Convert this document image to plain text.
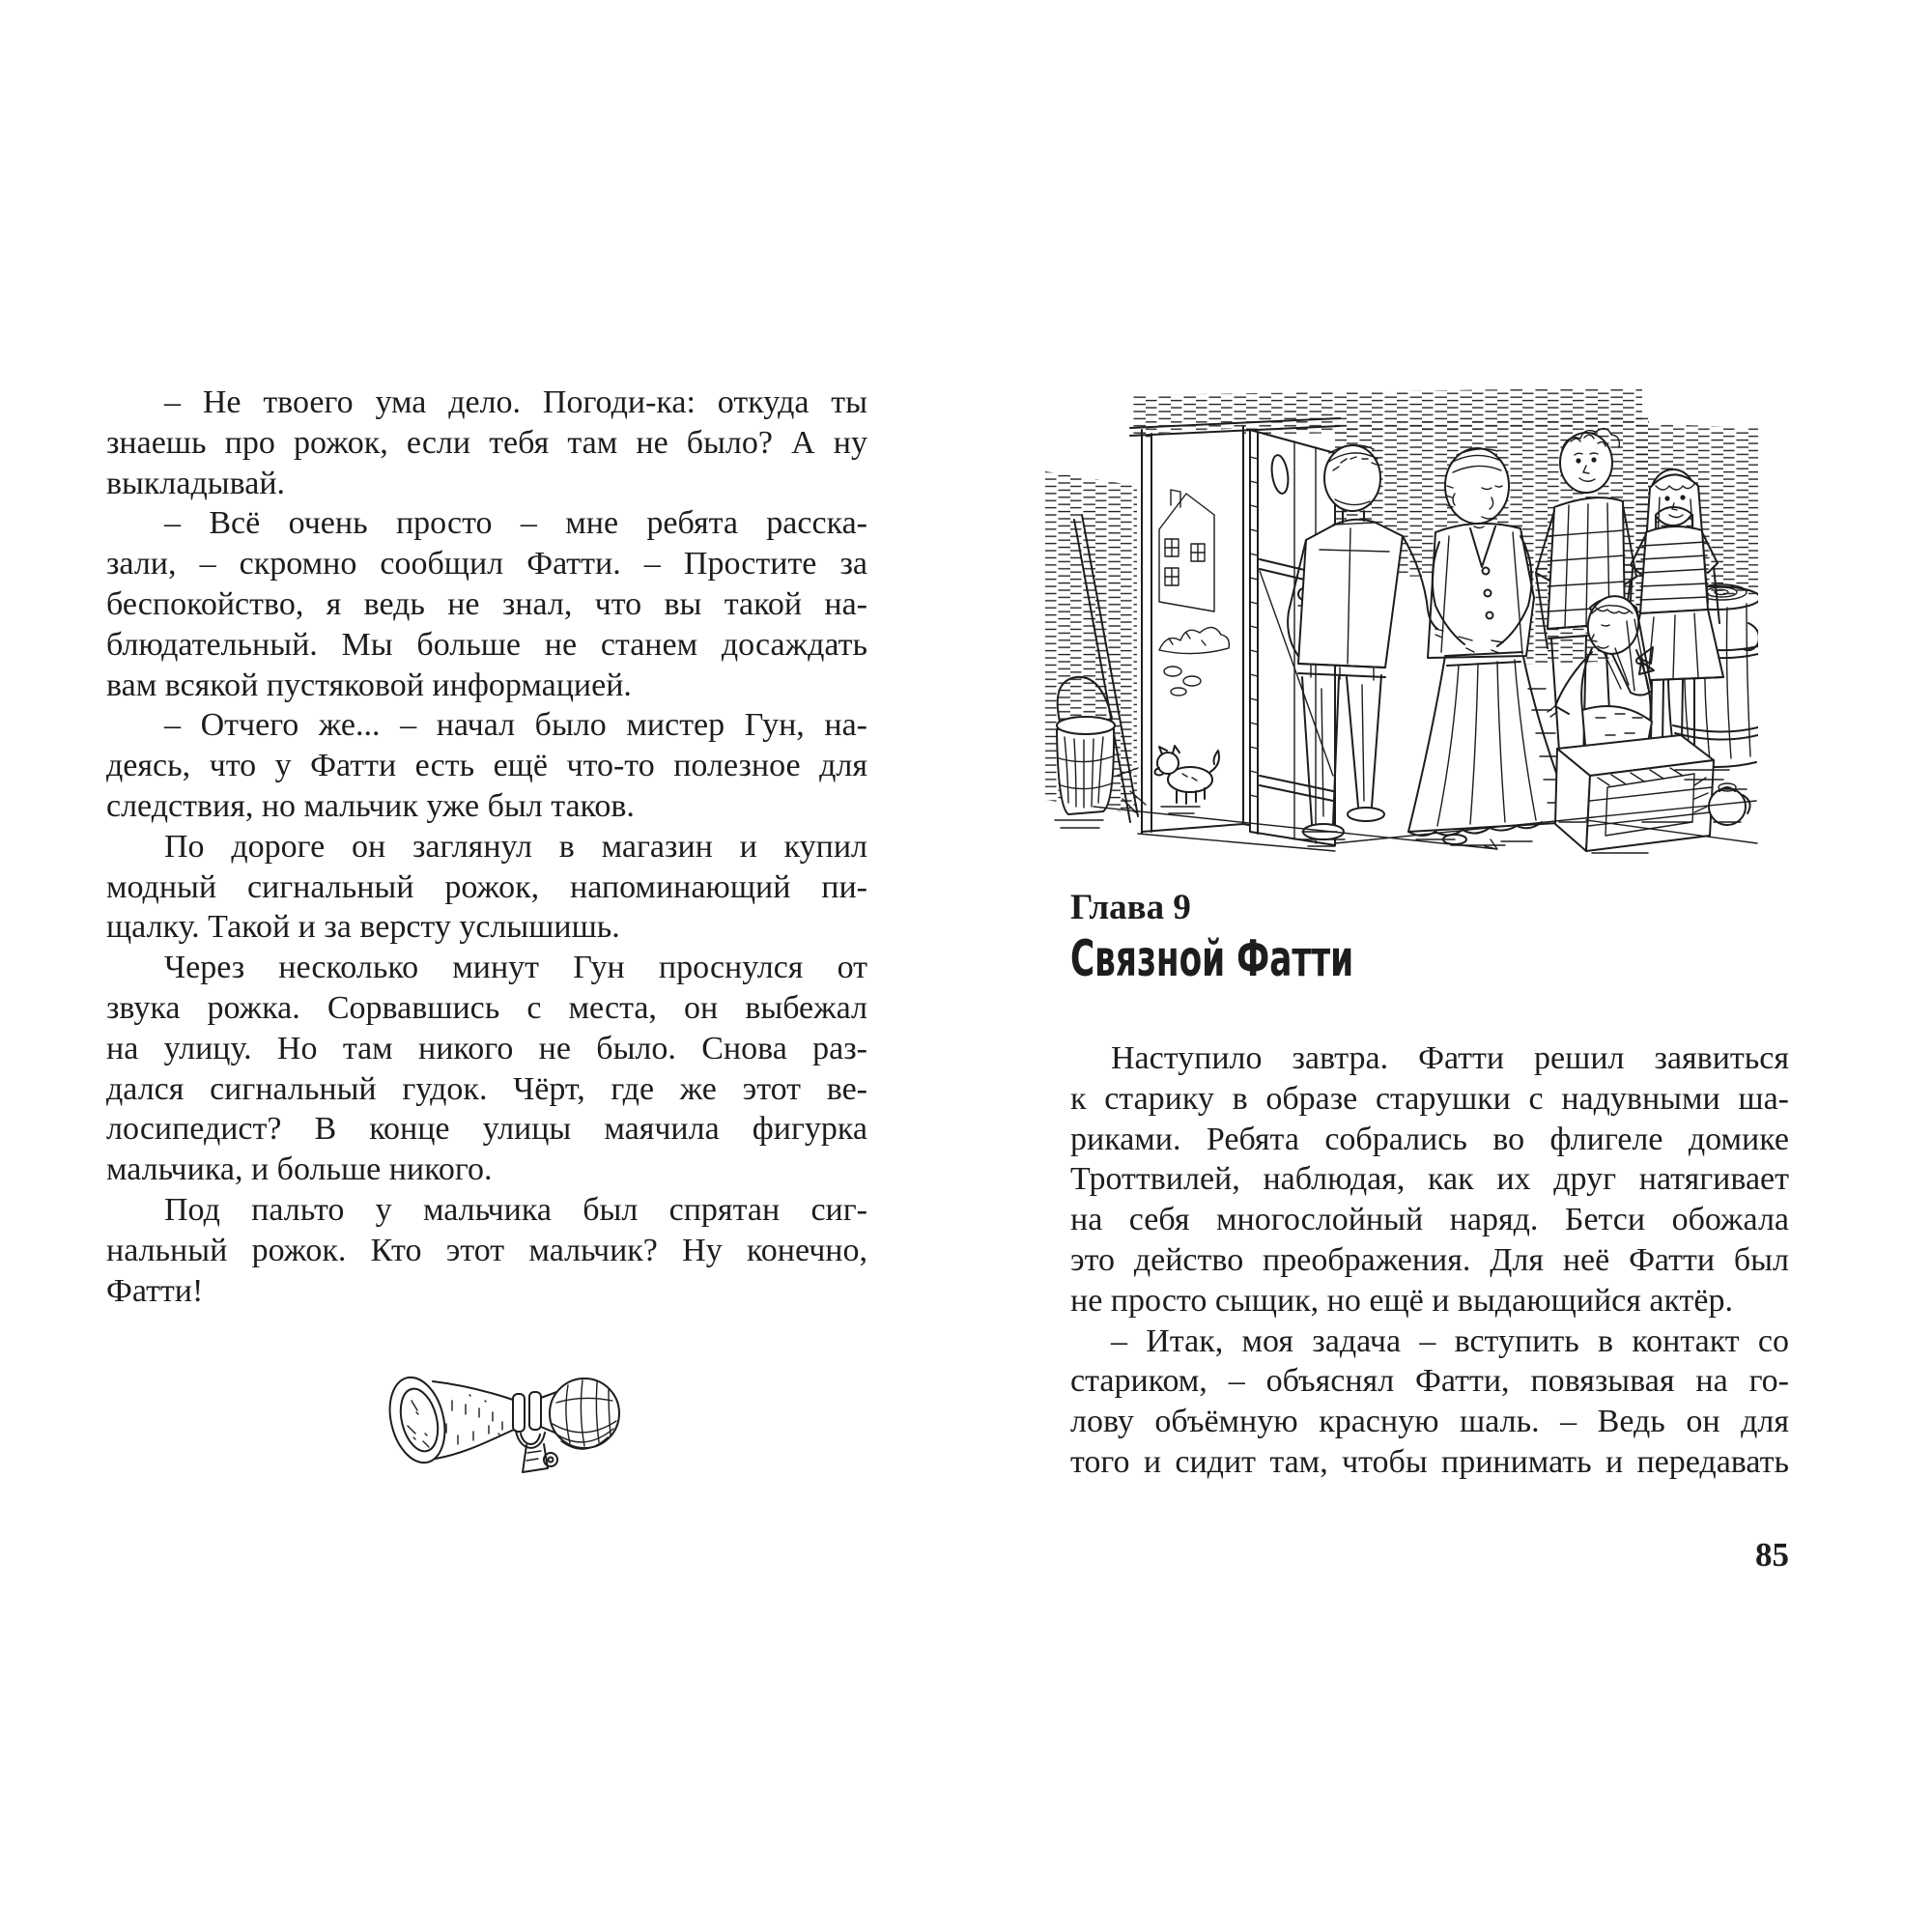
– Не твоего ума дело. Погоди-ка: откуда ты
знаешь про рожок, если тебя там не было? А ну
выкладывай.
– Всё очень просто – мне ребята расска-
зали, – скромно сообщил Фатти. – Простите за
беспокойство, я ведь не знал, что вы такой на-
блюдательный. Мы больше не станем досаждать
вам всякой пустяковой информацией.
– Отчего же... – начал было мистер Гун, на-
деясь, что у Фатти есть ещё что-то полезное для
следствия, но мальчик уже был таков.
По дороге он заглянул в магазин и купил
модный сигнальный рожок, напоминающий пи-
щалку. Такой и за версту услышишь.
Через несколько минут Гун проснулся от
звука рожка. Сорвавшись с места, он выбежал
на улицу. Но там никого не было. Снова раз-
дался сигнальный гудок. Чёрт, где же этот ве-
лосипедист? В конце улицы маячила фигурка
мальчика, и больше никого.
Под пальто у мальчика был спрятан сиг-
нальный рожок. Кто этот мальчик? Ну конечно,
Фатти!
Глава 9
Связной Фатти
Наступило завтра. Фатти решил заявиться
к старику в образе старушки с надувными ша-
риками. Ребята собрались во флигеле домике
Троттвилей, наблюдая, как их друг натягивает
на себя многослойный наряд. Бетси обожала
это действо преображения. Для неё Фатти был
не просто сыщик, но ещё и выдающийся актёр.
– Итак, моя задача – вступить в контакт со
стариком, – объяснял Фатти, повязывая на го-
лову объёмную красную шаль. – Ведь он для
того и сидит там, чтобы принимать и передавать
85
